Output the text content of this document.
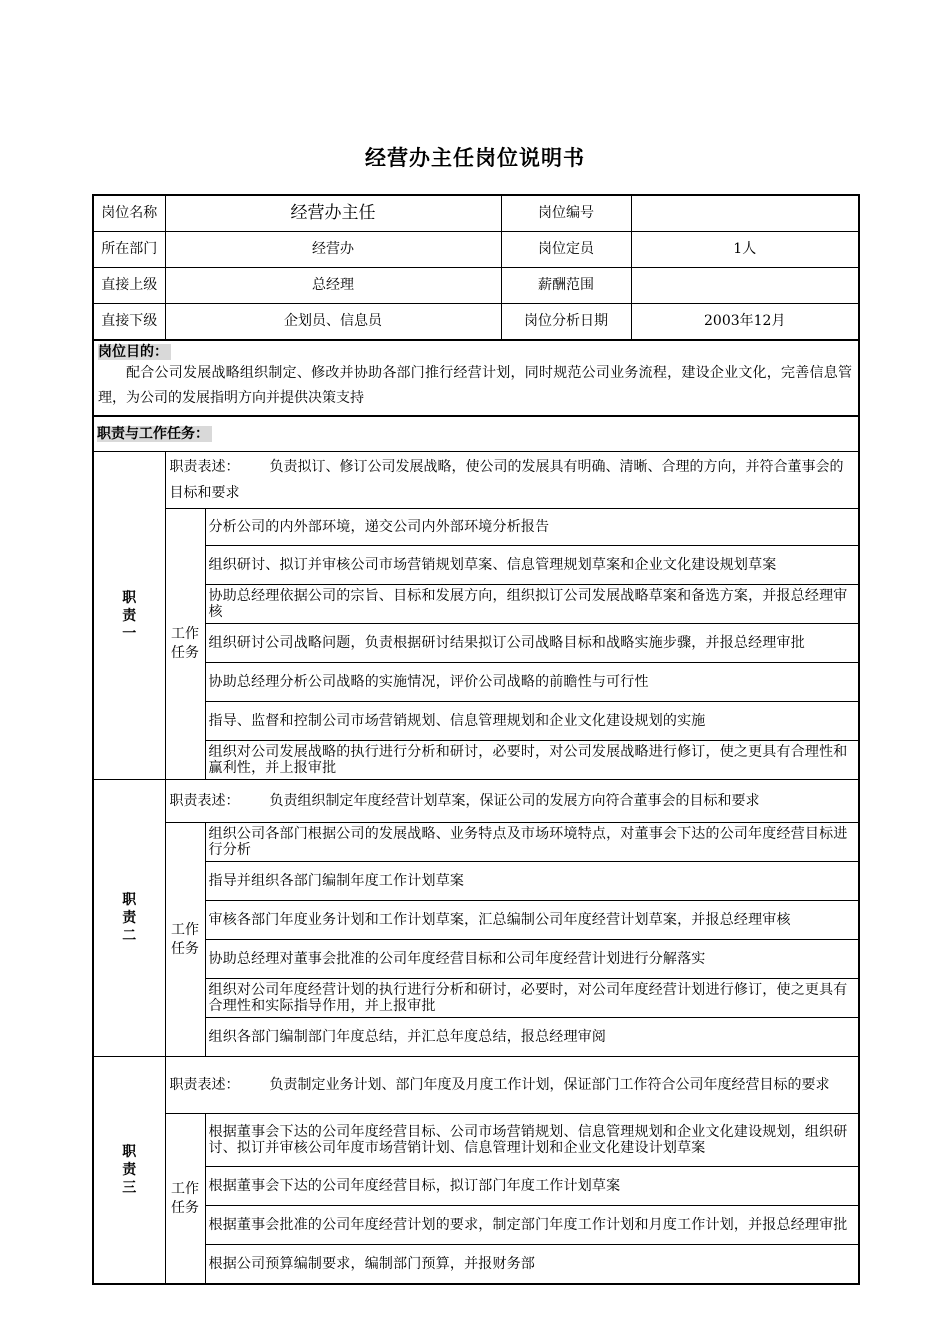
经营办主任岗位说明书
岗位名称	经营办主任		岗位编号	
所在部门	经营办		岗位定员	1人
直接上级	总经理		薪酬范围	
直接下级	企划员、信息员		岗位分析日期	2003年12月

岗位目的：
配合公司发展战略组织制定、修改并协助各部门推行经营计划，同时规范公司业务流程，建设企业文化，完善信息管理，为公司的发展指明方向并提供决策支持				

职责与工作任务：				

职责一	职责表述： 负责拟订、修订公司发展战略，使公司的发展具有明确、清晰、合理的方向，并符合董事会的目标和要求			

	工作任务	分析公司的内外部环境，递交公司内外部环境分析报告		
		组织研讨、拟订并审核公司市场营销规划草案、信息管理规划草案和企业文化建设规划草案		
		协助总经理依据公司的宗旨、目标和发展方向，组织拟订公司发展战略草案和备选方案，并报总经理审核		
		组织研讨公司战略问题，负责根据研讨结果拟订公司战略目标和战略实施步骤，并报总经理审批		
		协助总经理分析公司战略的实施情况，评价公司战略的前瞻性与可行性		
		指导、监督和控制公司市场营销规划、信息管理规划和企业文化建设规划的实施		
		组织对公司发展战略的执行进行分析和研讨，必要时，对公司发展战略进行修订，使之更具有合理性和赢利性，并上报审批		

职责二	职责表述： 负责组织制定年度经营计划草案，保证公司的发展方向符合董事会的目标和要求			

	工作任务	组织公司各部门根据公司的发展战略、业务特点及市场环境特点，对董事会下达的公司年度经营目标进行分析		
		指导并组织各部门编制年度工作计划草案		
		审核各部门年度业务计划和工作计划草案，汇总编制公司年度经营计划草案，并报总经理审核		
		协助总经理对董事会批准的公司年度经营目标和公司年度经营计划进行分解落实		
		组织对公司年度经营计划的执行进行分析和研讨，必要时，对公司年度经营计划进行修订，使之更具有合理性和实际指导作用，并上报审批		
		组织各部门编制部门年度总结，并汇总年度总结，报总经理审阅		

职责三	职责表述： 负责制定业务计划、部门年度及月度工作计划，保证部门工作符合公司年度经营目标的要求			

	工作任务	根据董事会下达的公司年度经营目标、公司市场营销规划、信息管理规划和企业文化建设规划，组织研讨、拟订并审核公司年度市场营销计划、信息管理计划和企业文化建设计划草案		
		根据董事会下达的公司年度经营目标，拟订部门年度工作计划草案		
		根据董事会批准的公司年度经营计划的要求，制定部门年度工作计划和月度工作计划，并报总经理审批		
		根据公司预算编制要求，编制部门预算，并报财务部		
